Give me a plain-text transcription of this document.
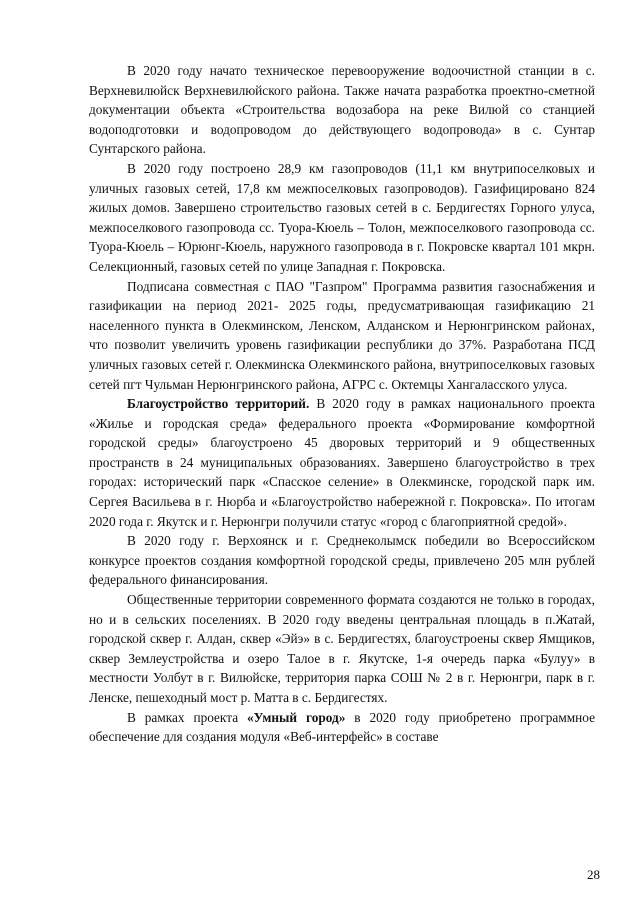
В 2020 году начато техническое перевооружение водоочистной станции в с. Верхневилюйск Верхневилюйского района. Также начата разработка проектно-сметной документации объекта «Строительства водозабора на реке Вилюй со станцией водоподготовки и водопроводом до действующего водопровода» в с. Сунтар Сунтарского района.

В 2020 году построено 28,9 км газопроводов (11,1 км внутрипоселковых и уличных газовых сетей, 17,8 км межпоселковых газопроводов). Газифицировано 824 жилых домов. Завершено строительство газовых сетей в с. Бердигестях Горного улуса, межпоселкового газопровода сс. Туора-Кюель – Толон, межпоселкового газопровода сс. Туора-Кюель – Юрюнг-Кюель, наружного газопровода в г. Покровске квартал 101 мкрн. Селекционный, газовых сетей по улице Западная г. Покровска.

Подписана совместная с ПАО "Газпром" Программа развития газоснабжения и газификации на период 2021- 2025 годы, предусматривающая газификацию 21 населенного пункта в Олекминском, Ленском, Алданском и Нерюнгринском районах, что позволит увеличить уровень газификации республики до 37%. Разработана ПСД уличных газовых сетей г. Олекминска Олекминского района, внутрипоселковых газовых сетей пгт Чульман Нерюнгринского района, АГРС с. Октемцы Хангаласского улуса.

Благоустройство территорий. В 2020 году в рамках национального проекта «Жилье и городская среда» федерального проекта «Формирование комфортной городской среды» благоустроено 45 дворовых территорий и 9 общественных пространств в 24 муниципальных образованиях. Завершено благоустройство в трех городах: исторический парк «Спасское селение» в Олекминске, городской парк им. Сергея Васильева в г. Нюрба и «Благоустройство набережной г. Покровска». По итогам 2020 года г. Якутск и г. Нерюнгри получили статус «город с благоприятной средой».

В 2020 году г. Верхоянск и г. Среднеколымск победили во Всероссийском конкурсе проектов создания комфортной городской среды, привлечено 205 млн рублей федерального финансирования.

Общественные территории современного формата создаются не только в городах, но и в сельских поселениях. В 2020 году введены центральная площадь в п.Жатай, городской сквер г. Алдан, сквер «Эйэ» в с. Бердигестях, благоустроены сквер Ямщиков, сквер Землеустройства и озеро Талое в г. Якутске, 1-я очередь парка «Булуу» в местности Уолбут в г. Вилюйске, территория парка СОШ № 2 в г. Нерюнгри, парк в г. Ленске, пешеходный мост р. Матта в с. Бердигестях.

В рамках проекта «Умный город» в 2020 году приобретено программное обеспечение для создания модуля «Веб-интерфейс» в составе

28
